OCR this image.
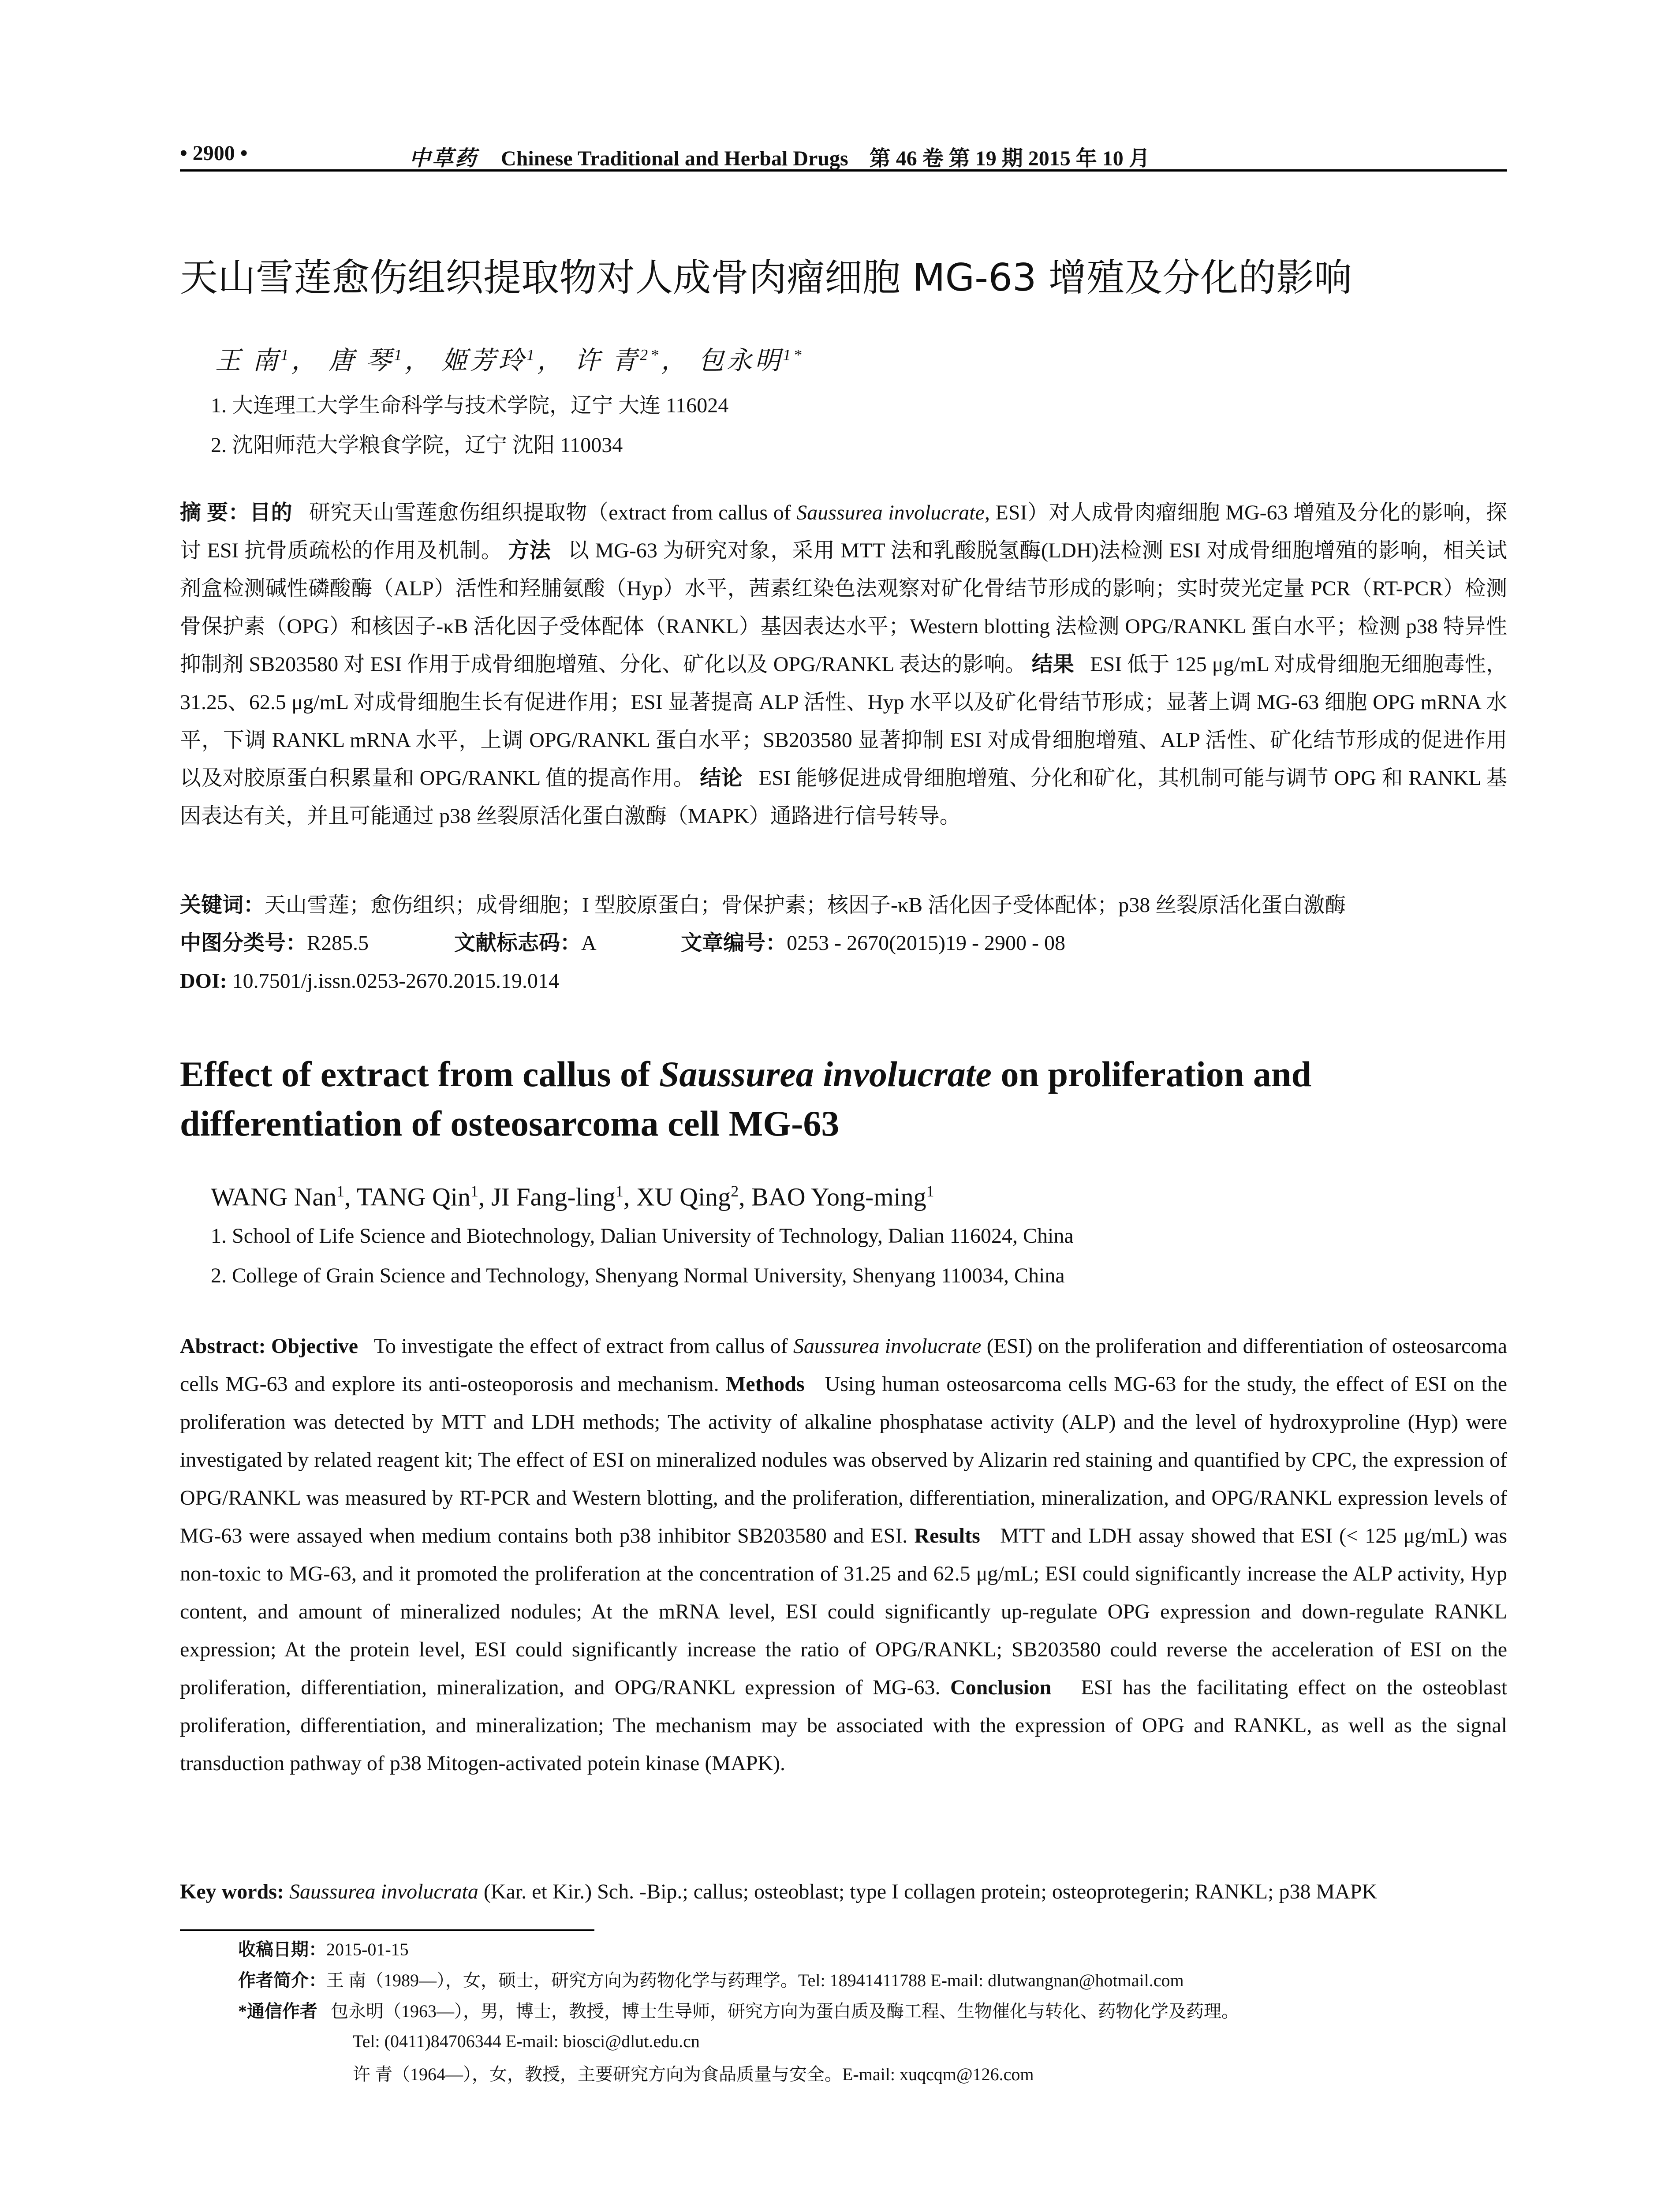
• 2900 •	中草药 Chinese Traditional and Herbal Drugs 第 46 卷 第 19 期 2015 年 10 月
天山雪莲愈伤组织提取物对人成骨肉瘤细胞 MG-63 增殖及分化的影响
王 南$^1$， 唐 琴$^1$， 姬芳玲$^1$， 许 青$^{2*}$， 包永明$^{1*}$
1. 大连理工大学生命科学与技术学院，辽宁 大连 116024
2. 沈阳师范大学粮食学院，辽宁 沈阳 110034
摘 要：目的 研究天山雪莲愈伤组织提取物（extract from callus of Saussurea involucrate, ESI）对人成骨肉瘤细胞 MG-63 增殖及分化的影响，探讨 ESI 抗骨质疏松的作用及机制。 方法 以 MG-63 为研究对象，采用 MTT 法和乳酸脱氢酶(LDH)法检测 ESI 对成骨细胞增殖的影响，相关试剂盒检测碱性磷酸酶（ALP）活性和羟脯氨酸（Hyp）水平，茜素红染色法观察对矿化骨结节形成的影响；实时荧光定量 PCR（RT-PCR）检测骨保护素（OPG）和核因子-κB 活化因子受体配体（RANKL）基因表达水平；Western blotting 法检测 OPG/RANKL 蛋白水平；检测 p38 特异性抑制剂 SB203580 对 ESI 作用于成骨细胞增殖、分化、矿化以及 OPG/RANKL 表达的影响。 结果 ESI 低于 125 μg/mL 对成骨细胞无细胞毒性，31.25、62.5 μg/mL 对成骨细胞生长有促进作用；ESI 显著提高 ALP 活性、Hyp 水平以及矿化骨结节形成；显著上调 MG-63 细胞 OPG mRNA 水平，下调 RANKL mRNA 水平，上调 OPG/RANKL 蛋白水平；SB203580 显著抑制 ESI 对成骨细胞增殖、ALP 活性、矿化结节形成的促进作用以及对胶原蛋白积累量和 OPG/RANKL 值的提高作用。 结论 ESI 能够促进成骨细胞增殖、分化和矿化，其机制可能与调节 OPG 和 RANKL 基因表达有关，并且可能通过 p38 丝裂原活化蛋白激酶（MAPK）通路进行信号转导。
关键词：天山雪莲；愈伤组织；成骨细胞；I 型胶原蛋白；骨保护素；核因子-κB 活化因子受体配体；p38 丝裂原活化蛋白激酶
中图分类号：R285.5	文献标志码：A	文章编号：0253 - 2670(2015)19 - 2900 - 08
DOI: 10.7501/j.issn.0253-2670.2015.19.014
Effect of extract from callus of Saussurea involucrate on proliferation and differentiation of osteosarcoma cell MG-63
WANG Nan$^1$, TANG Qin$^1$, JI Fang-ling$^1$, XU Qing$^2$, BAO Yong-ming$^1$
1. School of Life Science and Biotechnology, Dalian University of Technology, Dalian 116024, China
2. College of Grain Science and Technology, Shenyang Normal University, Shenyang 110034, China
Abstract: Objective To investigate the effect of extract from callus of Saussurea involucrate (ESI) on the proliferation and differentiation of osteosarcoma cells MG-63 and explore its anti-osteoporosis and mechanism. Methods Using human osteosarcoma cells MG-63 for the study, the effect of ESI on the proliferation was detected by MTT and LDH methods; The activity of alkaline phosphatase activity (ALP) and the level of hydroxyproline (Hyp) were investigated by related reagent kit; The effect of ESI on mineralized nodules was observed by Alizarin red staining and quantified by CPC, the expression of OPG/RANKL was measured by RT-PCR and Western blotting, and the proliferation, differentiation, mineralization, and OPG/RANKL expression levels of MG-63 were assayed when medium contains both p38 inhibitor SB203580 and ESI. Results MTT and LDH assay showed that ESI (< 125 μg/mL) was non-toxic to MG-63, and it promoted the proliferation at the concentration of 31.25 and 62.5 μg/mL; ESI could significantly increase the ALP activity, Hyp content, and amount of mineralized nodules; At the mRNA level, ESI could significantly up-regulate OPG expression and down-regulate RANKL expression; At the protein level, ESI could significantly increase the ratio of OPG/RANKL; SB203580 could reverse the acceleration of ESI on the proliferation, differentiation, mineralization, and OPG/RANKL expression of MG-63. Conclusion ESI has the facilitating effect on the osteoblast proliferation, differentiation, and mineralization; The mechanism may be associated with the expression of OPG and RANKL, as well as the signal transduction pathway of p38 Mitogen-activated potein kinase (MAPK).
Key words: Saussurea involucrata (Kar. et Kir.) Sch. -Bip.; callus; osteoblast; type I collagen protein; osteoprotegerin; RANKL; p38 MAPK
收稿日期：2015-01-15
作者简介：王 南（1989—），女，硕士，研究方向为药物化学与药理学。Tel: 18941411788 E-mail: dlutwangnan@hotmail.com
*通信作者 包永明（1963—），男，博士，教授，博士生导师，研究方向为蛋白质及酶工程、生物催化与转化、药物化学及药理。
Tel: (0411)84706344 E-mail: biosci@dlut.edu.cn
许 青（1964—），女，教授，主要研究方向为食品质量与安全。E-mail: xuqcqm@126.com
